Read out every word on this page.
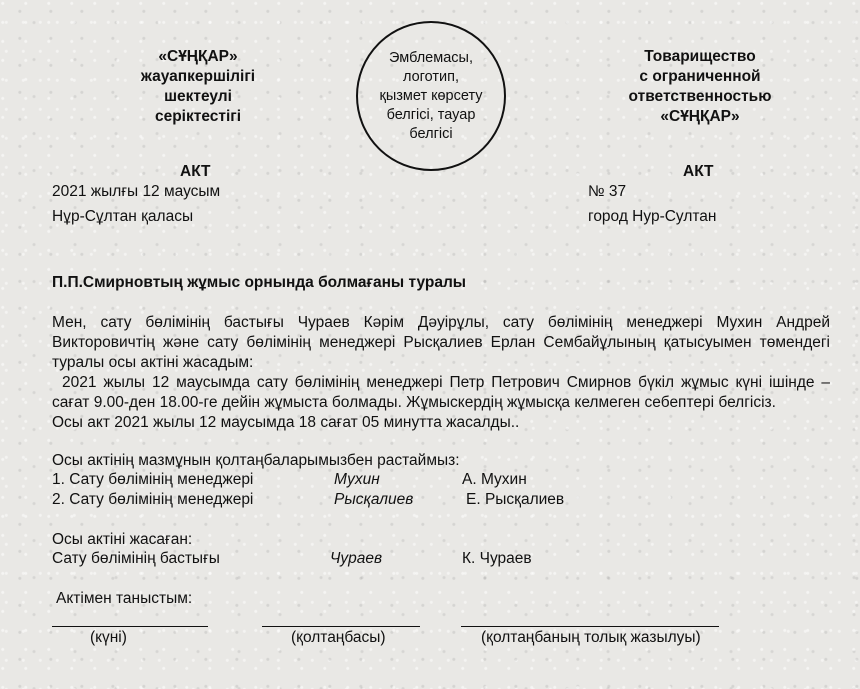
«СҰҢҚАР»
жауапкершілігі
шектеулі
серіктестігі
Эмблемасы,
логотип,
қызмет көрсету
белгісі, тауар
белгісі
Товарищество
с ограниченной
ответственностью
«СҰҢҚАР»
АКТ	АКТ
2021 жылғы 12 маусым	№ 37
Нұр-Сұлтан қаласы	город Нур-Султан
П.П.Смирновтың жұмыс орнында болмағаны туралы
Мен, сату бөлімінің бастығы Чураев Кәрім Дәуірұлы, сату бөлімінің менеджері Мухин Андрей Викторовичтің және сату бөлімінің менеджері Рысқалиев Ерлан Сембайұлының қатысуымен төмендегі туралы осы актіні жасадым:
2021 жылы 12 маусымда сату бөлімінің менеджері Петр Петрович Смирнов бүкіл жұмыс күні ішінде – сағат 9.00-ден 18.00-ге дейін жұмыста болмады. Жұмыскердің жұмысқа келмеген себептері белгісіз.
Осы акт 2021 жылы 12 маусымда 18 сағат 05 минутта жасалды..
Осы актінің мазмұнын қолтаңбаларымызбен растаймыз:
1. Сату бөлімінің менеджері	Мухин	А. Мухин
2. Сату бөлімінің менеджері	Рысқалиев	Е. Рысқалиев
Осы актіні жасаған:
Сату бөлімінің бастығы	Чураев	К. Чураев
Актімен таныстым:
(күні)	(қолтаңбасы)	(қолтаңбаның толық жазылуы)
